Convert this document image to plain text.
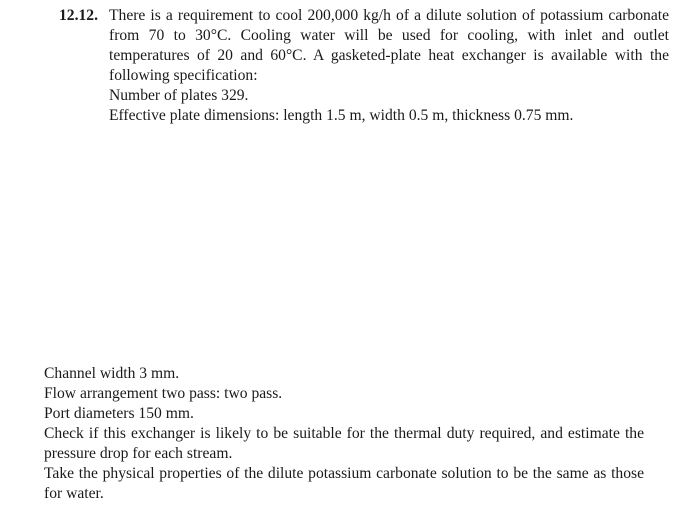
12.12. There is a requirement to cool 200,000 kg/h of a dilute solution of potassium carbonate from 70 to 30°C. Cooling water will be used for cooling, with inlet and outlet temperatures of 20 and 60°C. A gasketed-plate heat exchanger is available with the following specification:

Number of plates 329.
Effective plate dimensions: length 1.5 m, width 0.5 m, thickness 0.75 mm.
Channel width 3 mm.
Flow arrangement two pass: two pass.
Port diameters 150 mm.

Check if this exchanger is likely to be suitable for the thermal duty required, and estimate the pressure drop for each stream.

Take the physical properties of the dilute potassium carbonate solution to be the same as those for water.
